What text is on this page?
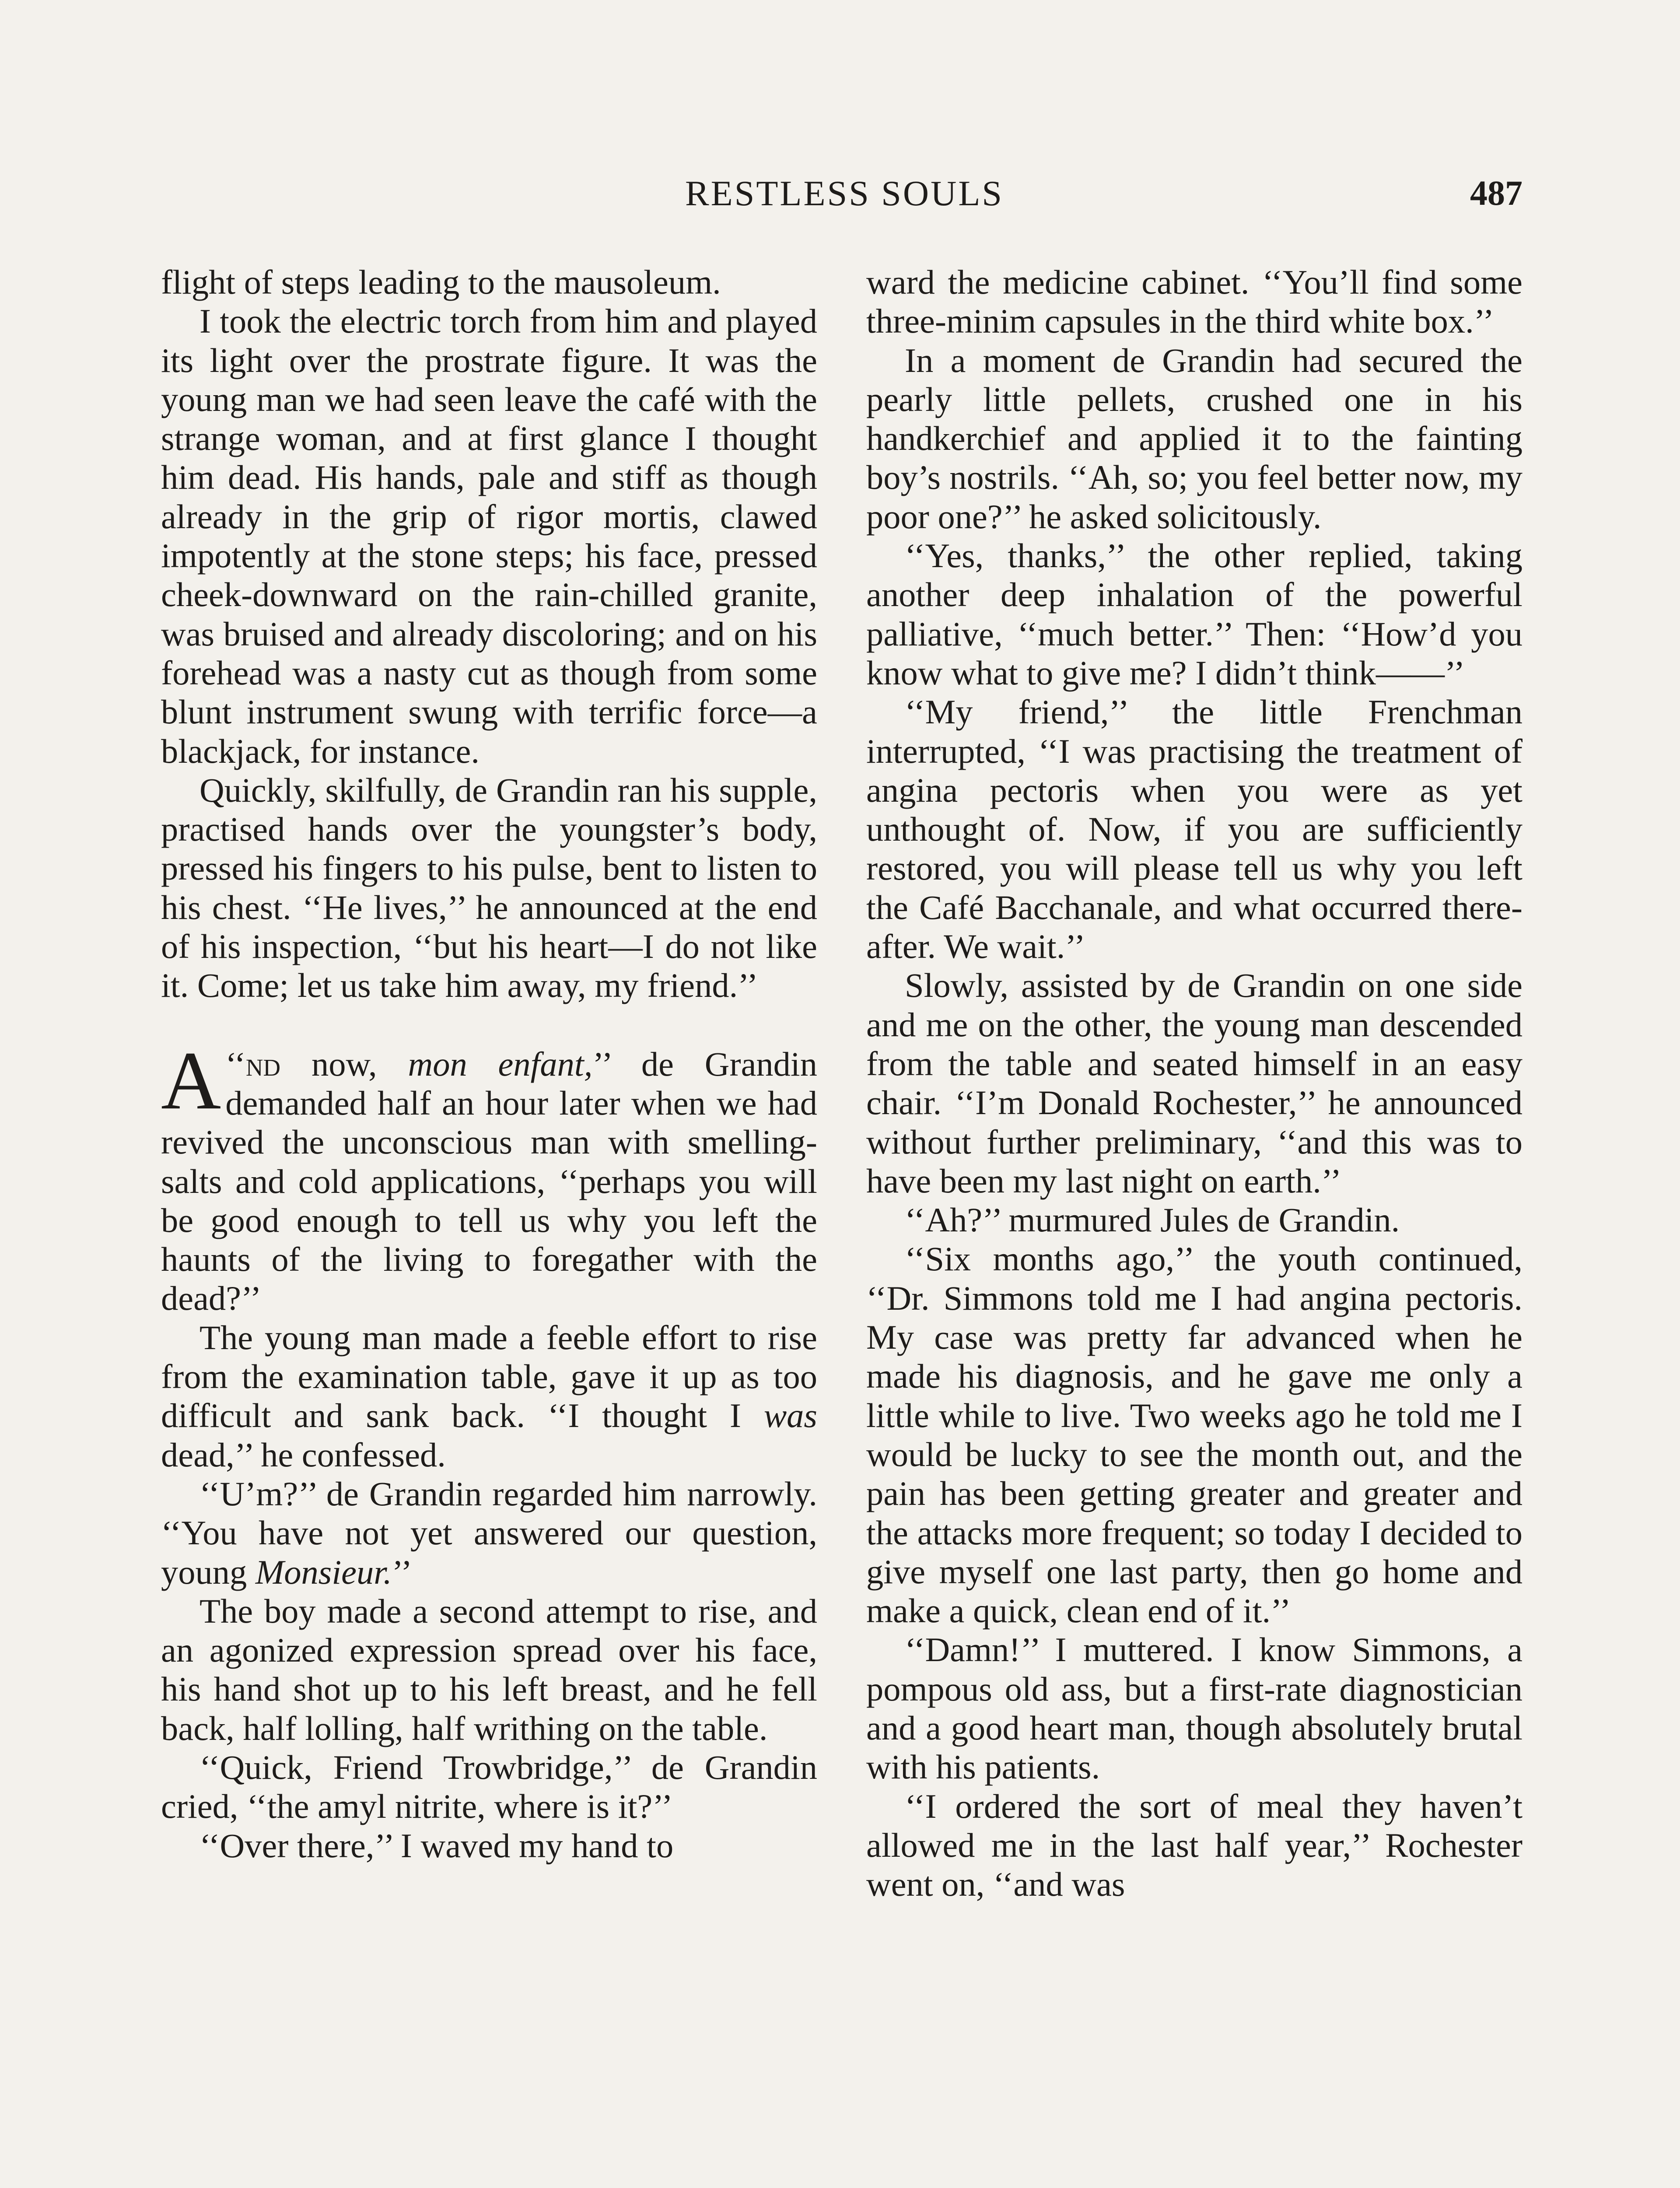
RESTLESS SOULS	487

flight of steps leading to the mausoleum.

I took the electric torch from him and played its light over the prostrate figure. It was the young man we had seen leave the café with the strange woman, and at first glance I thought him dead. His hands, pale and stiff as though already in the grip of rigor mortis, clawed impotently at the stone steps; his face, pressed cheek-downward on the rain-chilled granite, was bruised and already discoloring; and on his forehead was a nasty cut as though from some blunt instrument swung with terrific force—a blackjack, for instance.

Quickly, skilfully, de Grandin ran his supple, practised hands over the youngster’s body, pressed his fingers to his pulse, bent to listen to his chest. ‘‘He lives,’’ he announced at the end of his inspection, ‘‘but his heart—I do not like it. Come; let us take him away, my friend.’’

‘‘
A nd now, mon enfant,’’ de Grandin demanded half an hour later when we had revived the unconscious man with smelling-salts and cold applications, ‘‘perhaps you will be good enough to tell us why you left the haunts of the living to foregather with the dead?’’

The young man made a feeble effort to rise from the examination table, gave it up as too difficult and sank back. ‘‘I thought I was dead,’’ he confessed.

‘‘U’m?’’ de Grandin regarded him narrowly. ‘‘You have not yet answered our question, young Monsieur.’’

The boy made a second attempt to rise, and an agonized expression spread over his face, his hand shot up to his left breast, and he fell back, half lolling, half writhing on the table.

‘‘Quick, Friend Trowbridge,’’ de Grandin cried, ‘‘the amyl nitrite, where is it?’’

‘‘Over there,’’ I waved my hand to

ward the medicine cabinet. ‘‘You’ll find some three-minim capsules in the third white box.’’

In a moment de Grandin had secured the pearly little pellets, crushed one in his handkerchief and applied it to the fainting boy’s nostrils. ‘‘Ah, so; you feel better now, my poor one?’’ he asked solicitously.

‘‘Yes, thanks,’’ the other replied, taking another deep inhalation of the powerful palliative, ‘‘much better.’’ Then: ‘‘How’d you know what to give me? I didn’t think——’’

‘‘My friend,’’ the little Frenchman interrupted, ‘‘I was practising the treatment of angina pectoris when you were as yet unthought of. Now, if you are sufficiently restored, you will please tell us why you left the Café Bacchanale, and what occurred thereafter. We wait.’’

Slowly, assisted by de Grandin on one side and me on the other, the young man descended from the table and seated himself in an easy chair. ‘‘I’m Donald Rochester,’’ he announced without further preliminary, ‘‘and this was to have been my last night on earth.’’

‘‘Ah?’’ murmured Jules de Grandin.

‘‘Six months ago,’’ the youth continued, ‘‘Dr. Simmons told me I had angina pectoris. My case was pretty far advanced when he made his diagnosis, and he gave me only a little while to live. Two weeks ago he told me I would be lucky to see the month out, and the pain has been getting greater and greater and the attacks more frequent; so today I decided to give myself one last party, then go home and make a quick, clean end of it.’’

‘‘Damn!’’ I muttered. I know Simmons, a pompous old ass, but a first-rate diagnostician and a good heart man, though absolutely brutal with his patients.

‘‘I ordered the sort of meal they haven’t allowed me in the last half year,’’ Rochester went on, ‘‘and was
